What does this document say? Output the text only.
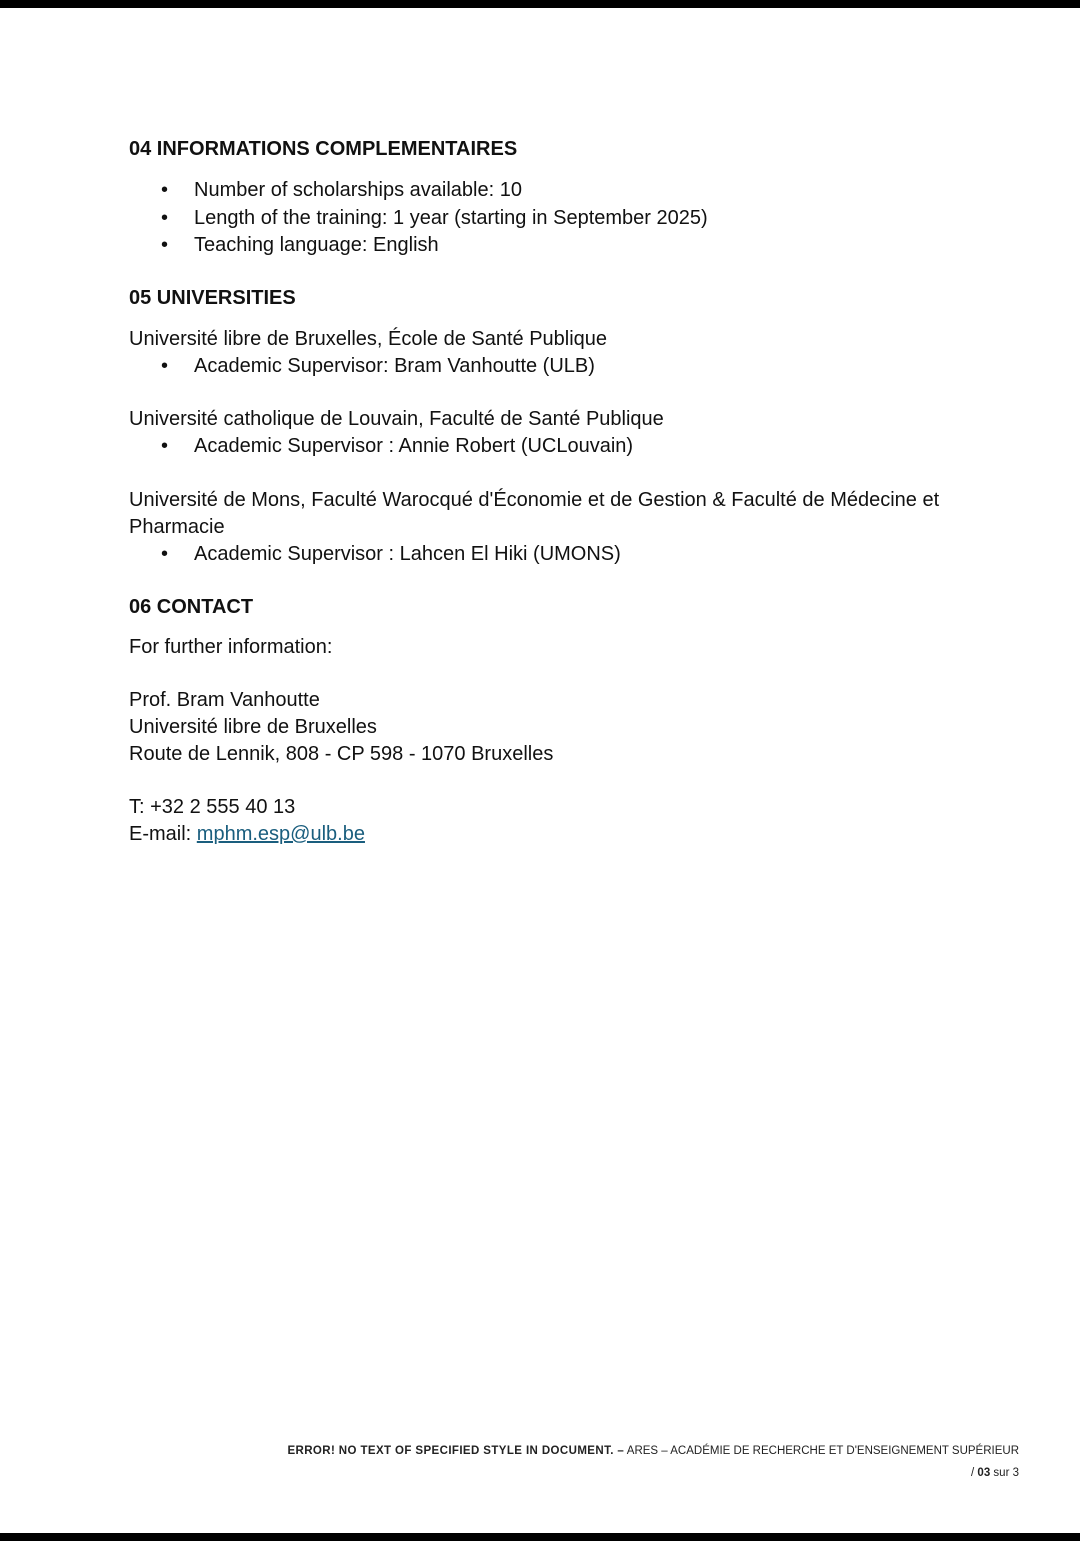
04 INFORMATIONS COMPLEMENTAIRES
• Number of scholarships available: 10
• Length of the training: 1 year (starting in September 2025)
• Teaching language: English
05 UNIVERSITIES

Université libre de Bruxelles, École de Santé Publique

• Academic Supervisor: Bram Vanhoutte (ULB)

Université catholique de Louvain, Faculté de Santé Publique

• Academic Supervisor : Annie Robert (UCLouvain)

Université de Mons, Faculté Warocqué d'Économie et de Gestion & Faculté de Médecine et Pharmacie

• Academic Supervisor : Lahcen El Hiki (UMONS)
06 CONTACT

For further information:

Prof. Bram Vanhoutte

Université libre de Bruxelles

Route de Lennik, 808 - CP 598 - 1070 Bruxelles

T: +32 2 555 40 13

E-mail: mphm.esp@ulb.be

ERROR! NO TEXT OF SPECIFIED STYLE IN DOCUMENT. – ARES – ACADÉMIE DE RECHERCHE ET D'ENSEIGNEMENT SUPÉRIEUR
/ 03 sur 3
